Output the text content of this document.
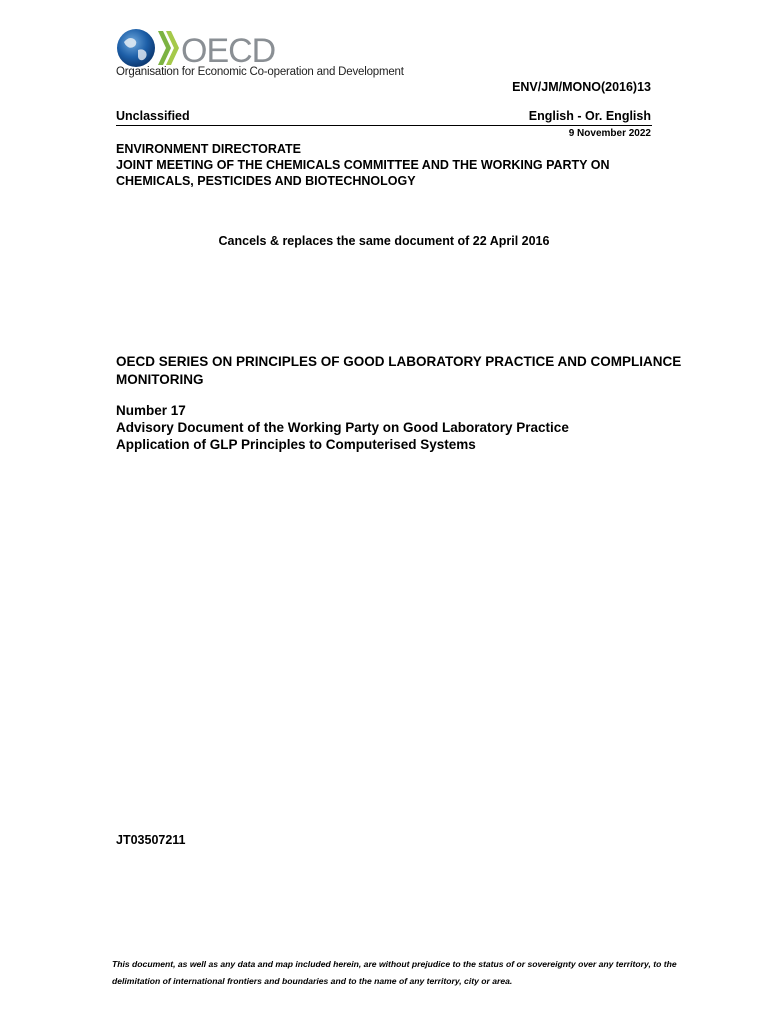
OECD
Organisation for Economic Co-operation and Development
ENV/JM/MONO(2016)13
Unclassified	English - Or. English
9 November 2022
ENVIRONMENT DIRECTORATE
JOINT MEETING OF THE CHEMICALS COMMITTEE AND THE WORKING PARTY ON
CHEMICALS, PESTICIDES AND BIOTECHNOLOGY
Cancels & replaces the same document of 22 April 2016
OECD SERIES ON PRINCIPLES OF GOOD LABORATORY PRACTICE AND COMPLIANCE
MONITORING
Number 17
Advisory Document of the Working Party on Good Laboratory Practice
Application of GLP Principles to Computerised Systems
JT03507211
This document, as well as any data and map included herein, are without prejudice to the status of or sovereignty over any territory, to the
delimitation of international frontiers and boundaries and to the name of any territory, city or area.
